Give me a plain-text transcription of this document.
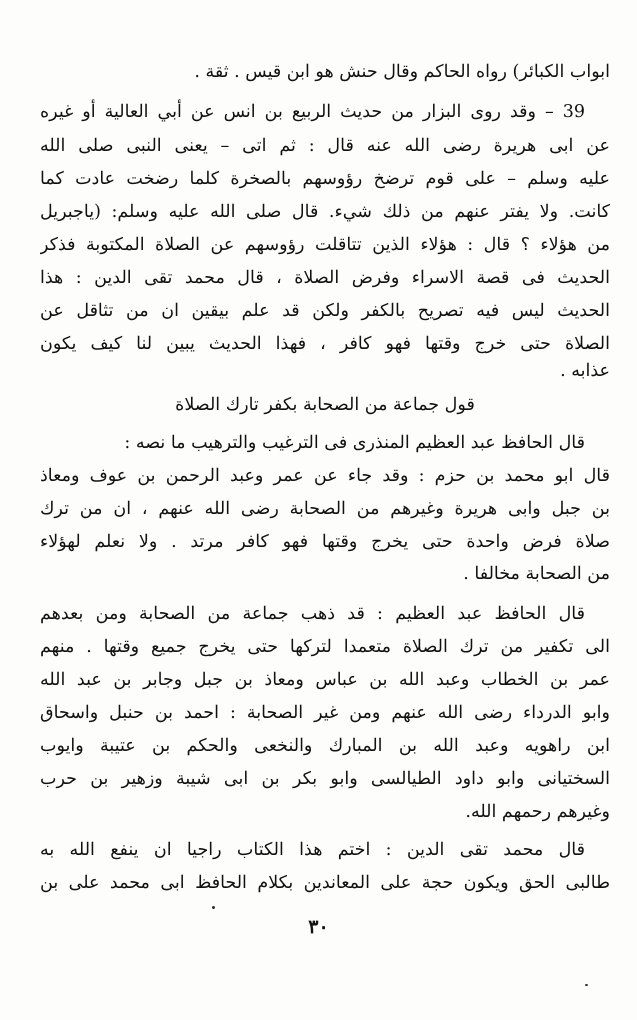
ابواب الكبائر) رواه الحاكم وقال حنش هو ابن قيس . ثقة .
39 – وقد روى البزار من حديث الربيع بن انس عن أبي العالية أو غيره
عن ابى هريرة رضى الله عنه قال : ثم اتى – يعنى النبى صلى الله
عليه وسلم – على قوم ترضخ رؤوسهم بالصخرة كلما رضخت عادت كما
كانت. ولا يفتر عنهم من ذلك شيء. قال صلى الله عليه وسلم: (ياجبريل
من هؤلاء ؟ قال : هؤلاء الذين تتاقلت رؤوسهم عن الصلاة المكتوبة فذكر
الحديث فى قصة الاسراء وفرض الصلاة ، قال محمد تقى الدين : هذا
الحديث ليس فيه تصريح بالكفر ولكن قد علم بيقين ان من تثاقل عن
الصلاة حتى خرج وقتها فهو كافر ، فهذا الحديث يبين لنا كيف يكون
عذابه .
قول جماعة من الصحابة بكفر تارك الصلاة
قال الحافظ عبد العظيم المنذرى فى الترغيب والترهيب ما نصه :
قال ابو محمد بن حزم : وقد جاء عن عمر وعبد الرحمن بن عوف ومعاذ
بن جبل وابى هريرة وغيرهم من الصحابة رضى الله عنهم ، ان من ترك
صلاة فرض واحدة حتى يخرج وقتها فهو كافر مرتد . ولا نعلم لهؤلاء
من الصحابة مخالفا .
قال الحافظ عبد العظيم : قد ذهب جماعة من الصحابة ومن بعدهم
الى تكفير من ترك الصلاة متعمدا لتركها حتى يخرج جميع وقتها . منهم
عمر بن الخطاب وعبد الله بن عباس ومعاذ بن جبل وجابر بن عبد الله
وابو الدرداء رضى الله عنهم ومن غير الصحابة : احمد بن حنبل واسحاق
ابن راهويه وعبد الله بن المبارك والنخعى والحكم بن عتيبة وايوب
السختيانى وابو داود الطيالسى وابو بكر بن ابى شيبة وزهير بن حرب
وغيرهم رحمهم الله.
قال محمد تقى الدين : اختم هذا الكتاب راجيا ان ينفع الله به
طالبى الحق ويكون حجة على المعاندين بكلام الحافظ ابى محمد على بن
٣٠
